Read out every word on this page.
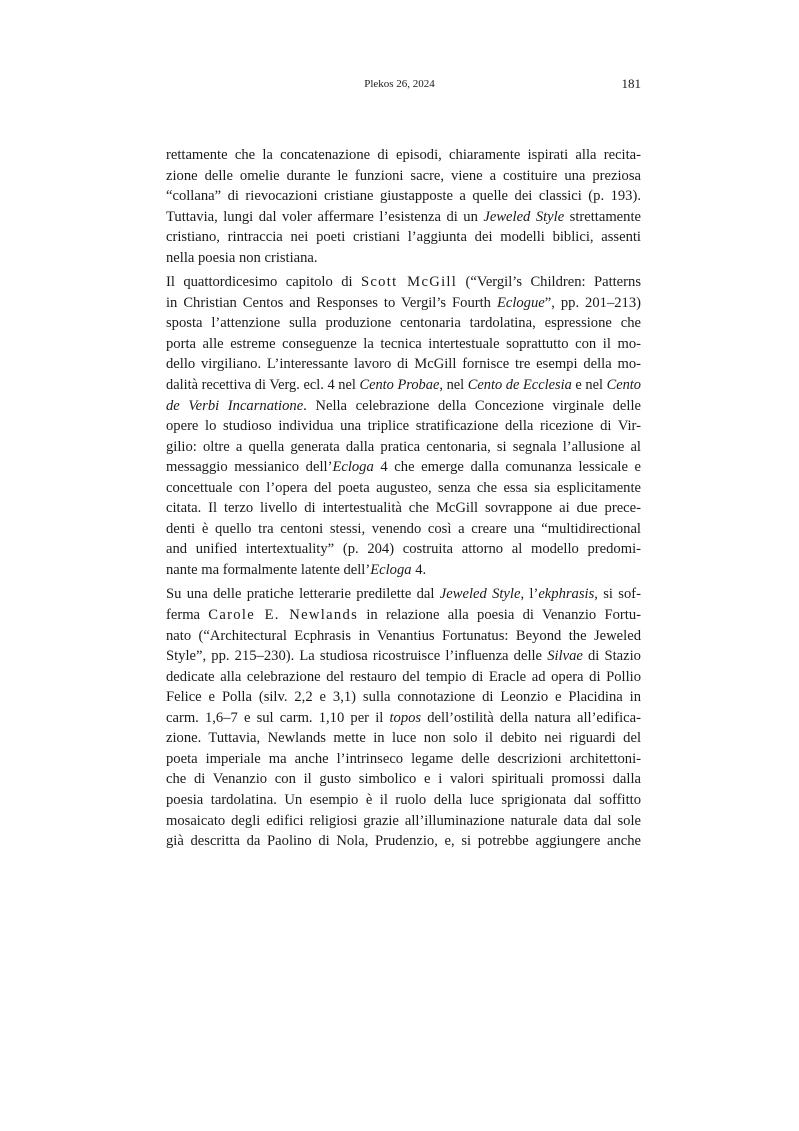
Plekos 26, 2024	181
rettamente che la concatenazione di episodi, chiaramente ispirati alla recita-
zione delle omelie durante le funzioni sacre, viene a costituire una preziosa
“collana” di rievocazioni cristiane giustapposte a quelle dei classici (p. 193).
Tuttavia, lungi dal voler affermare l’esistenza di un Jeweled Style strettamente
cristiano, rintraccia nei poeti cristiani l’aggiunta dei modelli biblici, assenti
nella poesia non cristiana.
Il quattordicesimo capitolo di Scott McGill (“Vergil’s Children: Patterns
in Christian Centos and Responses to Vergil’s Fourth Eclogue”, pp. 201–213)
sposta l’attenzione sulla produzione centonaria tardolatina, espressione che
porta alle estreme conseguenze la tecnica intertestuale soprattutto con il mo-
dello virgiliano. L’interessante lavoro di McGill fornisce tre esempi della mo-
dalità recettiva di Verg. ecl. 4 nel Cento Probae, nel Cento de Ecclesia e nel Cento
de Verbi Incarnatione. Nella celebrazione della Concezione virginale delle
opere lo studioso individua una triplice stratificazione della ricezione di Vir-
gilio: oltre a quella generata dalla pratica centonaria, si segnala l’allusione al
messaggio messianico dell’Ecloga 4 che emerge dalla comunanza lessicale e
concettuale con l’opera del poeta augusteo, senza che essa sia esplicitamente
citata. Il terzo livello di intertestualità che McGill sovrappone ai due prece-
denti è quello tra centoni stessi, venendo così a creare una “multidirectional
and unified intertextuality” (p. 204) costruita attorno al modello predomi-
nante ma formalmente latente dell’Ecloga 4.
Su una delle pratiche letterarie predilette dal Jeweled Style, l’ekphrasis, si sof-
ferma Carole E. Newlands in relazione alla poesia di Venanzio Fortu-
nato (“Architectural Ecphrasis in Venantius Fortunatus: Beyond the Jeweled
Style”, pp. 215–230). La studiosa ricostruisce l’influenza delle Silvae di Stazio
dedicate alla celebrazione del restauro del tempio di Eracle ad opera di Pollio
Felice e Polla (silv. 2,2 e 3,1) sulla connotazione di Leonzio e Placidina in
carm. 1,6–7 e sul carm. 1,10 per il topos dell’ostilità della natura all’edifica-
zione. Tuttavia, Newlands mette in luce non solo il debito nei riguardi del
poeta imperiale ma anche l’intrinseco legame delle descrizioni architettoni-
che di Venanzio con il gusto simbolico e i valori spirituali promossi dalla
poesia tardolatina. Un esempio è il ruolo della luce sprigionata dal soffitto
mosaicato degli edifici religiosi grazie all’illuminazione naturale data dal sole
già descritta da Paolino di Nola, Prudenzio, e, si potrebbe aggiungere anche
